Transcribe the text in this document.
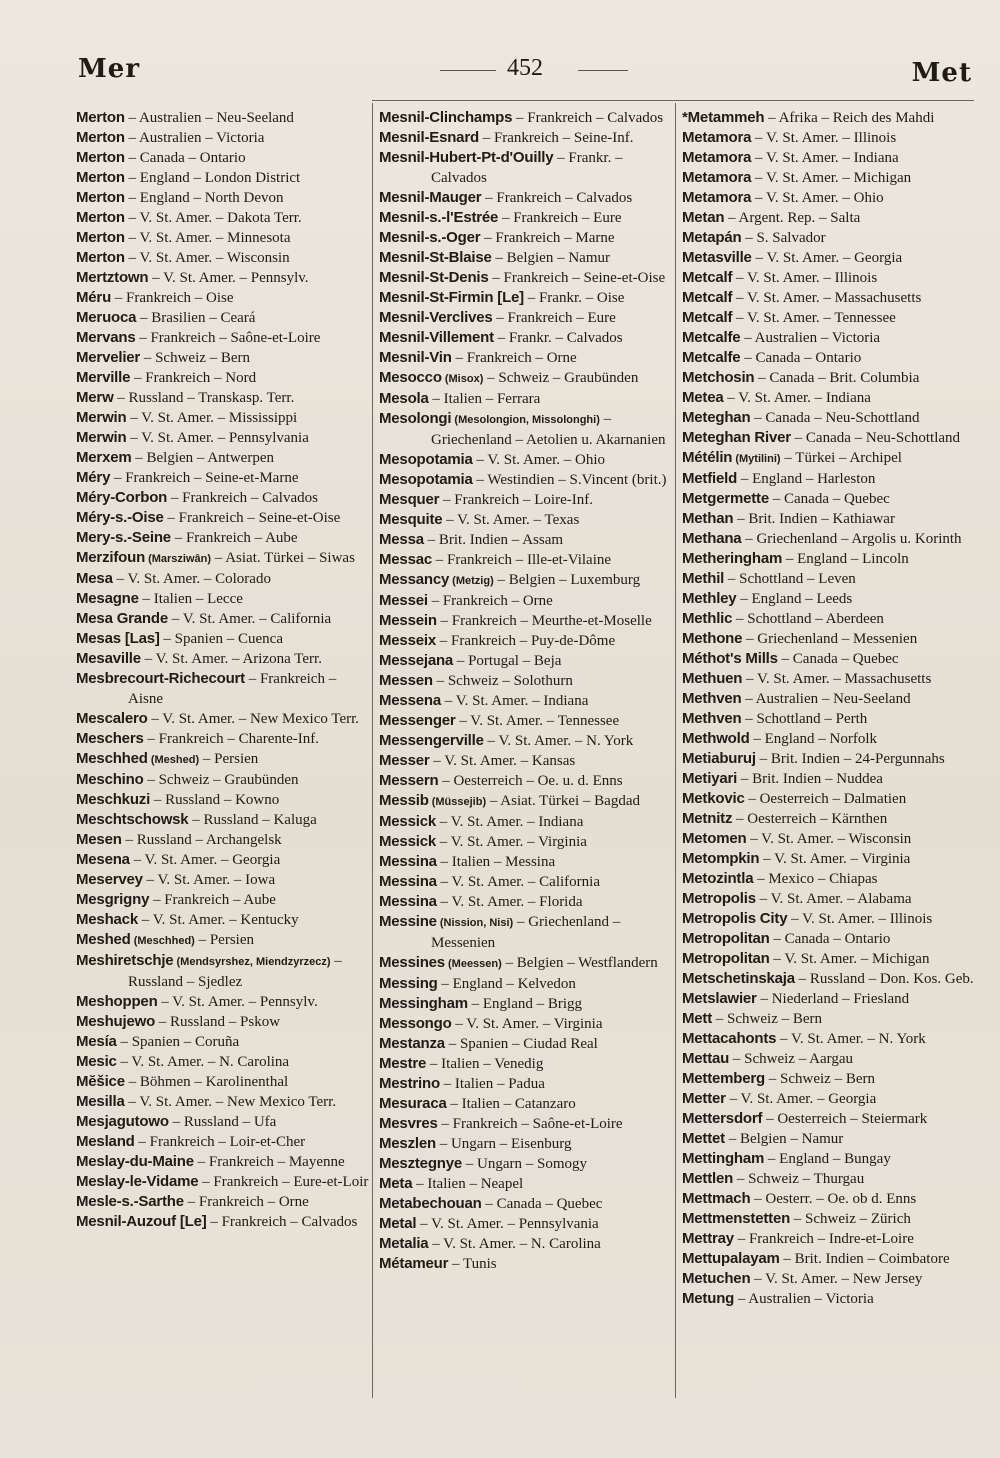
Mer	452	Met
Merton – Australien – Neu-Seeland
Merton – Australien – Victoria
Merton – Canada – Ontario
Merton – England – London District
Merton – England – North Devon
Merton – V. St. Amer. – Dakota Terr.
Merton – V. St. Amer. – Minnesota
Merton – V. St. Amer. – Wisconsin
Mertztown – V. St. Amer. – Pennsylv.
Méru – Frankreich – Oise
Meruoca – Brasilien – Ceará
Mervans – Frankreich – Saône-et-Loire
Mervelier – Schweiz – Bern
Merville – Frankreich – Nord
Merw – Russland – Transkasp. Terr.
Merwin – V. St. Amer. – Mississippi
Merwin – V. St. Amer. – Pennsylvania
Merxem – Belgien – Antwerpen
Méry – Frankreich – Seine-et-Marne
Méry-Corbon – Frankreich – Calvados
Méry-s.-Oise – Frankreich – Seine-et-Oise
Mery-s.-Seine – Frankreich – Aube
Merzifoun (Marsziwân) – Asiat. Türkei – Siwas
Mesa – V. St. Amer. – Colorado
Mesagne – Italien – Lecce
Mesa Grande – V. St. Amer. – California
Mesas [Las] – Spanien – Cuenca
Mesaville – V. St. Amer. – Arizona Terr.
Mesbrecourt-Richecourt – Frankreich – Aisne
Mescalero – V. St. Amer. – New Mexico Terr.
Meschers – Frankreich – Charente-Inf.
Meschhed (Meshed) – Persien
Meschino – Schweiz – Graubünden
Meschkuzi – Russland – Kowno
Meschtschowsk – Russland – Kaluga
Mesen – Russland – Archangelsk
Mesena – V. St. Amer. – Georgia
Meservey – V. St. Amer. – Iowa
Mesgrigny – Frankreich – Aube
Meshack – V. St. Amer. – Kentucky
Meshed (Meschhed) – Persien
Meshiretschje (Mendsyrshez, Miendzyrzecz) – Russland – Sjedlez
Meshoppen – V. St. Amer. – Pennsylv.
Meshujewo – Russland – Pskow
Mesía – Spanien – Coruña
Mesic – V. St. Amer. – N. Carolina
Mĕšice – Böhmen – Karolinenthal
Mesilla – V. St. Amer. – New Mexico Terr.
Mesjagutowo – Russland – Ufa
Mesland – Frankreich – Loir-et-Cher
Meslay-du-Maine – Frankreich – Mayenne
Meslay-le-Vidame – Frankreich – Eure-et-Loir
Mesle-s.-Sarthe – Frankreich – Orne
Mesnil-Auzouf [Le] – Frankreich – Calvados
Mesnil-Clinchamps – Frankreich – Calvados
Mesnil-Esnard – Frankreich – Seine-Inf.
Mesnil-Hubert-Pt-d'Ouilly – Frankr. – Calvados
Mesnil-Mauger – Frankreich – Calvados
Mesnil-s.-l'Estrée – Frankreich – Eure
Mesnil-s.-Oger – Frankreich – Marne
Mesnil-St-Blaise – Belgien – Namur
Mesnil-St-Denis – Frankreich – Seine-et-Oise
Mesnil-St-Firmin [Le] – Frankr. – Oise
Mesnil-Verclives – Frankreich – Eure
Mesnil-Villement – Frankr. – Calvados
Mesnil-Vin – Frankreich – Orne
Mesocco (Misox) – Schweiz – Graubünden
Mesola – Italien – Ferrara
Mesolongi (Mesolongion, Missolonghi) – Griechenland – Aetolien u. Akarnanien
Mesopotamia – V. St. Amer. – Ohio
Mesopotamia – Westindien – S.Vincent (brit.)
Mesquer – Frankreich – Loire-Inf.
Mesquite – V. St. Amer. – Texas
Messa – Brit. Indien – Assam
Messac – Frankreich – Ille-et-Vilaine
Messancy (Metzig) – Belgien – Luxemburg
Messei – Frankreich – Orne
Messein – Frankreich – Meurthe-et-Moselle
Messeix – Frankreich – Puy-de-Dôme
Messejana – Portugal – Beja
Messen – Schweiz – Solothurn
Messena – V. St. Amer. – Indiana
Messenger – V. St. Amer. – Tennessee
Messengerville – V. St. Amer. – N. York
Messer – V. St. Amer. – Kansas
Messern – Oesterreich – Oe. u. d. Enns
Messib (Müssejib) – Asiat. Türkei – Bagdad
Messick – V. St. Amer. – Indiana
Messick – V. St. Amer. – Virginia
Messina – Italien – Messina
Messina – V. St. Amer. – California
Messina – V. St. Amer. – Florida
Messine (Nission, Nisi) – Griechenland – Messenien
Messines (Meessen) – Belgien – Westflandern
Messing – England – Kelvedon
Messingham – England – Brigg
Messongo – V. St. Amer. – Virginia
Mestanza – Spanien – Ciudad Real
Mestre – Italien – Venedig
Mestrino – Italien – Padua
Mesuraca – Italien – Catanzaro
Mesvres – Frankreich – Saône-et-Loire
Meszlen – Ungarn – Eisenburg
Mesztegnye – Ungarn – Somogy
Meta – Italien – Neapel
Metabechouan – Canada – Quebec
Metal – V. St. Amer. – Pennsylvania
Metalia – V. St. Amer. – N. Carolina
Métameur – Tunis
*Metammeh – Afrika – Reich des Mahdi
Metamora – V. St. Amer. – Illinois
Metamora – V. St. Amer. – Indiana
Metamora – V. St. Amer. – Michigan
Metamora – V. St. Amer. – Ohio
Metan – Argent. Rep. – Salta
Metapán – S. Salvador
Metasville – V. St. Amer. – Georgia
Metcalf – V. St. Amer. – Illinois
Metcalf – V. St. Amer. – Massachusetts
Metcalf – V. St. Amer. – Tennessee
Metcalfe – Australien – Victoria
Metcalfe – Canada – Ontario
Metchosin – Canada – Brit. Columbia
Metea – V. St. Amer. – Indiana
Meteghan – Canada – Neu-Schottland
Meteghan River – Canada – Neu-Schottland
Métélin (Mytilini) – Türkei – Archipel
Metfield – England – Harleston
Metgermette – Canada – Quebec
Methan – Brit. Indien – Kathiawar
Methana – Griechenland – Argolis u. Korinth
Metheringham – England – Lincoln
Methil – Schottland – Leven
Methley – England – Leeds
Methlic – Schottland – Aberdeen
Methone – Griechenland – Messenien
Méthot's Mills – Canada – Quebec
Methuen – V. St. Amer. – Massachusetts
Methven – Australien – Neu-Seeland
Methven – Schottland – Perth
Methwold – England – Norfolk
Metiaburuj – Brit. Indien – 24-Pergunnahs
Metiyari – Brit. Indien – Nuddea
Metkovic – Oesterreich – Dalmatien
Metnitz – Oesterreich – Kärnthen
Metomen – V. St. Amer. – Wisconsin
Metompkin – V. St. Amer. – Virginia
Metozintla – Mexico – Chiapas
Metropolis – V. St. Amer. – Alabama
Metropolis City – V. St. Amer. – Illinois
Metropolitan – Canada – Ontario
Metropolitan – V. St. Amer. – Michigan
Metschetinskaja – Russland – Don. Kos. Geb.
Metslawier – Niederland – Friesland
Mett – Schweiz – Bern
Mettacahonts – V. St. Amer. – N. York
Mettau – Schweiz – Aargau
Mettemberg – Schweiz – Bern
Metter – V. St. Amer. – Georgia
Mettersdorf – Oesterreich – Steiermark
Mettet – Belgien – Namur
Mettingham – England – Bungay
Mettlen – Schweiz – Thurgau
Mettmach – Oesterr. – Oe. ob d. Enns
Mettmenstetten – Schweiz – Zürich
Mettray – Frankreich – Indre-et-Loire
Mettupalayam – Brit. Indien – Coimbatore
Metuchen – V. St. Amer. – New Jersey
Metung – Australien – Victoria
